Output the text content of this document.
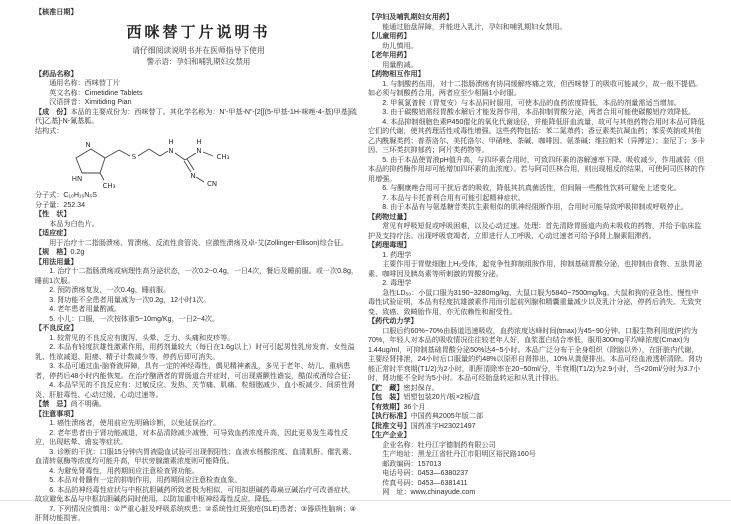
【核准日期】

西咪替丁片说明书

请仔细阅读说明书并在医师指导下使用

警示语：孕妇和哺乳期妇女禁用

【药品名称】

通用名称：西咪替丁片

英文名称：Cimetidine Tablets

汉语拼音：Ximitiding Pian

【成　份】本品的主要成份为：西咪替丁。其化学名称为：N'-甲基-N"-[2[[(5-甲基-1H-咪唑-4-基)甲基]硫代]乙基]-N-氰基胍。

结构式：

N
HN
CH₃
S
H
N
H
N
CH₃
N
CN

分子式：C₁₀H₁₆N₆S

分子量：252.34

【性　状】

本品为白色片。

【适应症】

用于治疗十二指肠溃疡、胃溃疡、反流性食管炎、应激性溃疡及卓-艾(Zollinger-Ellison)综合征。

【规　格】0.2g

【用法用量】

1. 治疗十二指肠溃疡或病理性高分泌状态，一次0.2~0.4g，一日4次，餐后及睡前服。或一次0.8g，睡前1次服。

2. 预防溃疡复发，一次0.4g，睡前服。

3. 肾功能不全患者用量减为一次0.2g，12小时1次。

4. 老年患者用量酌减。

5. 小儿：口服，一次按体重5~10mg/Kg，一日2~4次。

【不良反应】

1. 较常见的不良反应有腹泻、头晕、乏力、头痛和皮疹等。

2. 本品有轻度抗雄性激素作用，用药剂量较大（每日在1.6g以上）时可引起男性乳房发育、女性溢乳、性欲减退、阳痿、精子计数减少等，停药后即可消失。

3. 本品可通过血-脑脊液屏障，具有一定的神经毒性，偶见精神紊乱，多见于老年、幼儿、重病患者，停药后48小时内能恢复。在治疗酗酒者的胃肠道合并症时，可出现震颤性谵妄，酷似戒酒综合征；

4. 本品罕见的不良反应有：过敏反应、发热、关节痛、肌痛、粒细胞减少、血小板减少、间质性肾炎、肝脏毒性、心动过缓、心动过速等。

【禁　忌】尚不明确。

【注意事项】

1. 癌性溃疡者，使用前应先明确诊断，以免延误治疗。

2. 老年患者由于肾功能减退，对本品清除减少减慢，可导致血药浓度升高，因此更易发生毒性反应，出现眩晕、谵妄等症状。

3. 诊断的干扰：口服15分钟内胃液隐血试验可出现假阳性；血液水杨酸浓度、血清肌酐、催乳素、血清转氨酶等浓度均可能升高，甲状旁腺激素浓度则可能降低。

4. 为避免肾毒性，用药期间应注意检查肾功能。

5. 本品对骨髓有一定的抑制作用，用药期间应注意检查血象。

6. 本品的神经毒性症状与中枢抗胆碱药所致者极为相似，可用拟胆碱药毒扁豆碱治疗可改善症状，故应避免本品与中枢抗胆碱药同时使用，以防加重中枢神经毒性反应，降低。

7. 下列情况应慎用：①严重心脏及呼吸系统疾患；②系统性红斑狼疮(SLE)患者；③器质性脑病；④肝肾功能损害。

【孕妇及哺乳期妇女用药】

能通过胎盘屏障，并能进入乳汁，孕妇和哺乳期妇女禁用。

【儿童用药】

幼儿慎用。

【老年用药】

用量酌减。

【药物相互作用】

1. 与制酸药伍用，对十二指肠溃疡有协同缓解疼痛之效，但西咪替丁的吸收可能减少，故一般不提倡。如必须与制酸药合用，两者应至少相隔1小时服。

2. 甲氧氯普胺（胃复安）与本品同时服用，可使本品的血药浓度降低，本品的剂量需适当增加。

3. 由于碳酸铝需经胃酸水解后才能发挥作用，本品抑制胃酸分泌，两者合用可能使碳酸铝疗效降低。

4. 本品抑制细胞色素P450催化的氧化代谢途径，并能降低肝血流量，故可与其他药物合用时本品可降低它们的代谢，使其药理活性或毒性增强。这些药物包括：苯二氮䓬药；香豆素类抗凝血药；苯妥英钠或其他乙内酰脲类药；普萘洛尔、美托洛尔、甲硝唑、茶碱、咖啡因、氨茶碱；维拉帕米（异搏定）；奎尼丁；多卡因、三环类抗抑郁药；阿片类药物等。

5. 由于本品使胃液pH值升高，与四环素合用时，可致四环素的溶解速率下降、吸收减少，作用减弱（但本品的抑药酶作用却可能增加四环素的血浓度）。若与阿司匹林合用，则出现相反的结果，可使阿司匹林的作用增强。

6. 与酮康唑合用可干扰后者的吸收，降低其抗真菌活性，但间隔一些酸性饮料可避免上述变化。

7. 本品与卡托普利合用有可能引起精神症状。

8. 由于本品有与氨基糖苷类抗生素相似的肌神经阻断作用，合用时可能导致呼吸抑制或呼吸停止。

【药物过量】

常见有呼吸短促或呼吸困难，以及心动过速。处理：首先清除胃肠道内尚未吸收的药物，并给予临床监护及支持疗法。出现呼吸衰竭者，立即进行人工呼吸，心动过速者可给予β肾上腺素阻滞药。

【药理毒理】

1. 药理学

主要作用于胃壁细胞上H₂受体，起竞争性抑制组胺作用，抑制基础胃酸分泌，也抑制由食物、五肽胃泌素、咖啡因及胰岛素等所刺激的胃酸分泌。

2. 毒理学

急性LD₅₀：小鼠口服为3190~3280mg/kg、大鼠口服为5840~7500mg/kg。大鼠和狗的亚急性、慢性中毒性试验证明，本品有轻度抗雄激素作用而引起前列腺和精囊重量减少以及乳汁分泌，停药后消失。无致突变、致癌、致畸胎作用，亦无依赖性和耐受性。

【药代动力学】

口服后约60%~70%由肠道迅速吸收，血药浓度达峰时间(tmax)为45~90分钟。口服生物利用度(F)约为70%，年轻人对本品的吸收情况往往较老年人好，血浆蛋白结合率低，服用300mg平均峰浓度(Cmax)为1.44ug/ml，可抑制基础胃酸分泌50%达4~5小时。本品广泛分布于全身组织（除脑以外），在肝脏内代谢，主要经肾排泄，24小时后口服量的约48%以原形自肾排出，10%从粪便排出。本品可经血液透析清除。肾功能正常时半衰期(T1/2)为2小时，肌酐清除率在20~50ml/分，半衰期(T1/2)为2.9小时，当<20ml/分时为3.7小时，肾功能不全时为5小时。本品可经胎盘转运和从乳汁排出。

【贮　藏】密封保存。

【包　装】铝塑包装20片/板×2板/盒

【有效期】36个月

【执行标准】中国药典2005年版二部

【批准文号】国药准字H23021497

【生产企业】

企业名称：牡丹江宇德制药有限公司

生产地址：黑龙江省牡丹江市阳明区裕民路160号

邮政编码：157013

电话号码：0453—6380237

传真号码：0453—6381411

网　址：www.chinayude.com
